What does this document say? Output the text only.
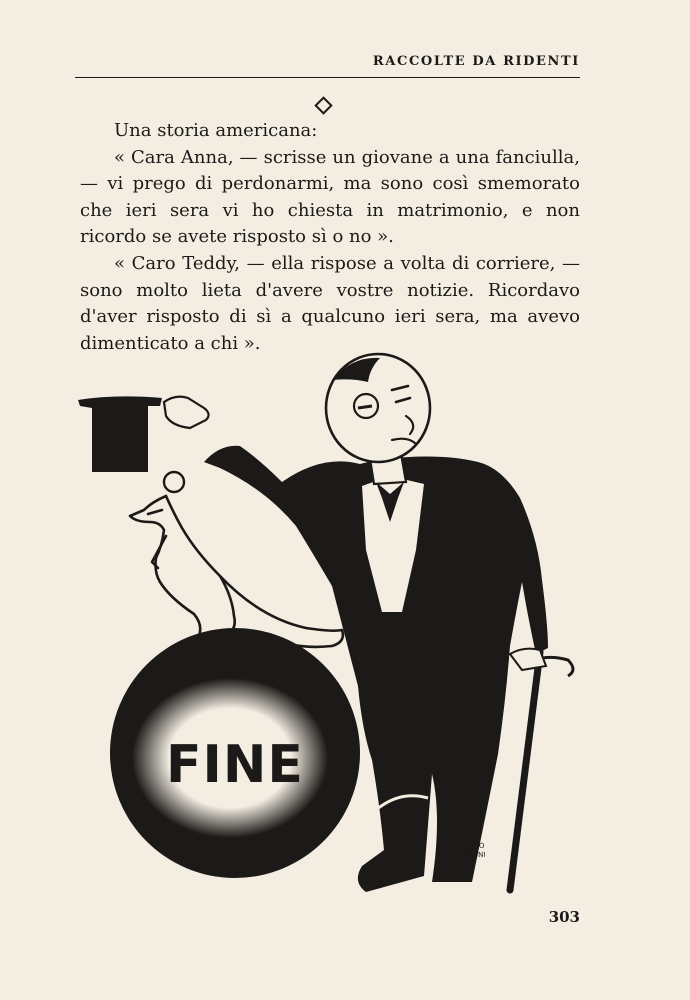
RACCOLTE DA RIDENTI

Una storia americana:

« Cara Anna, — scrisse un giovane a una fanciulla, — vi prego di perdonarmi, ma sono così smemorato che ieri sera vi ho chiesta in matrimonio, e non ricordo se avete risposto sì o no ».

« Caro Teddy, — ella rispose a volta di corriere, — sono molto lieta d'avere vostre notizie. Ricordavo d'aver risposto di sì a qualcuno ieri sera, ma avevo dimenticato a chi ».

FINE
ERBERTO
CARBONI
·'33·
303
